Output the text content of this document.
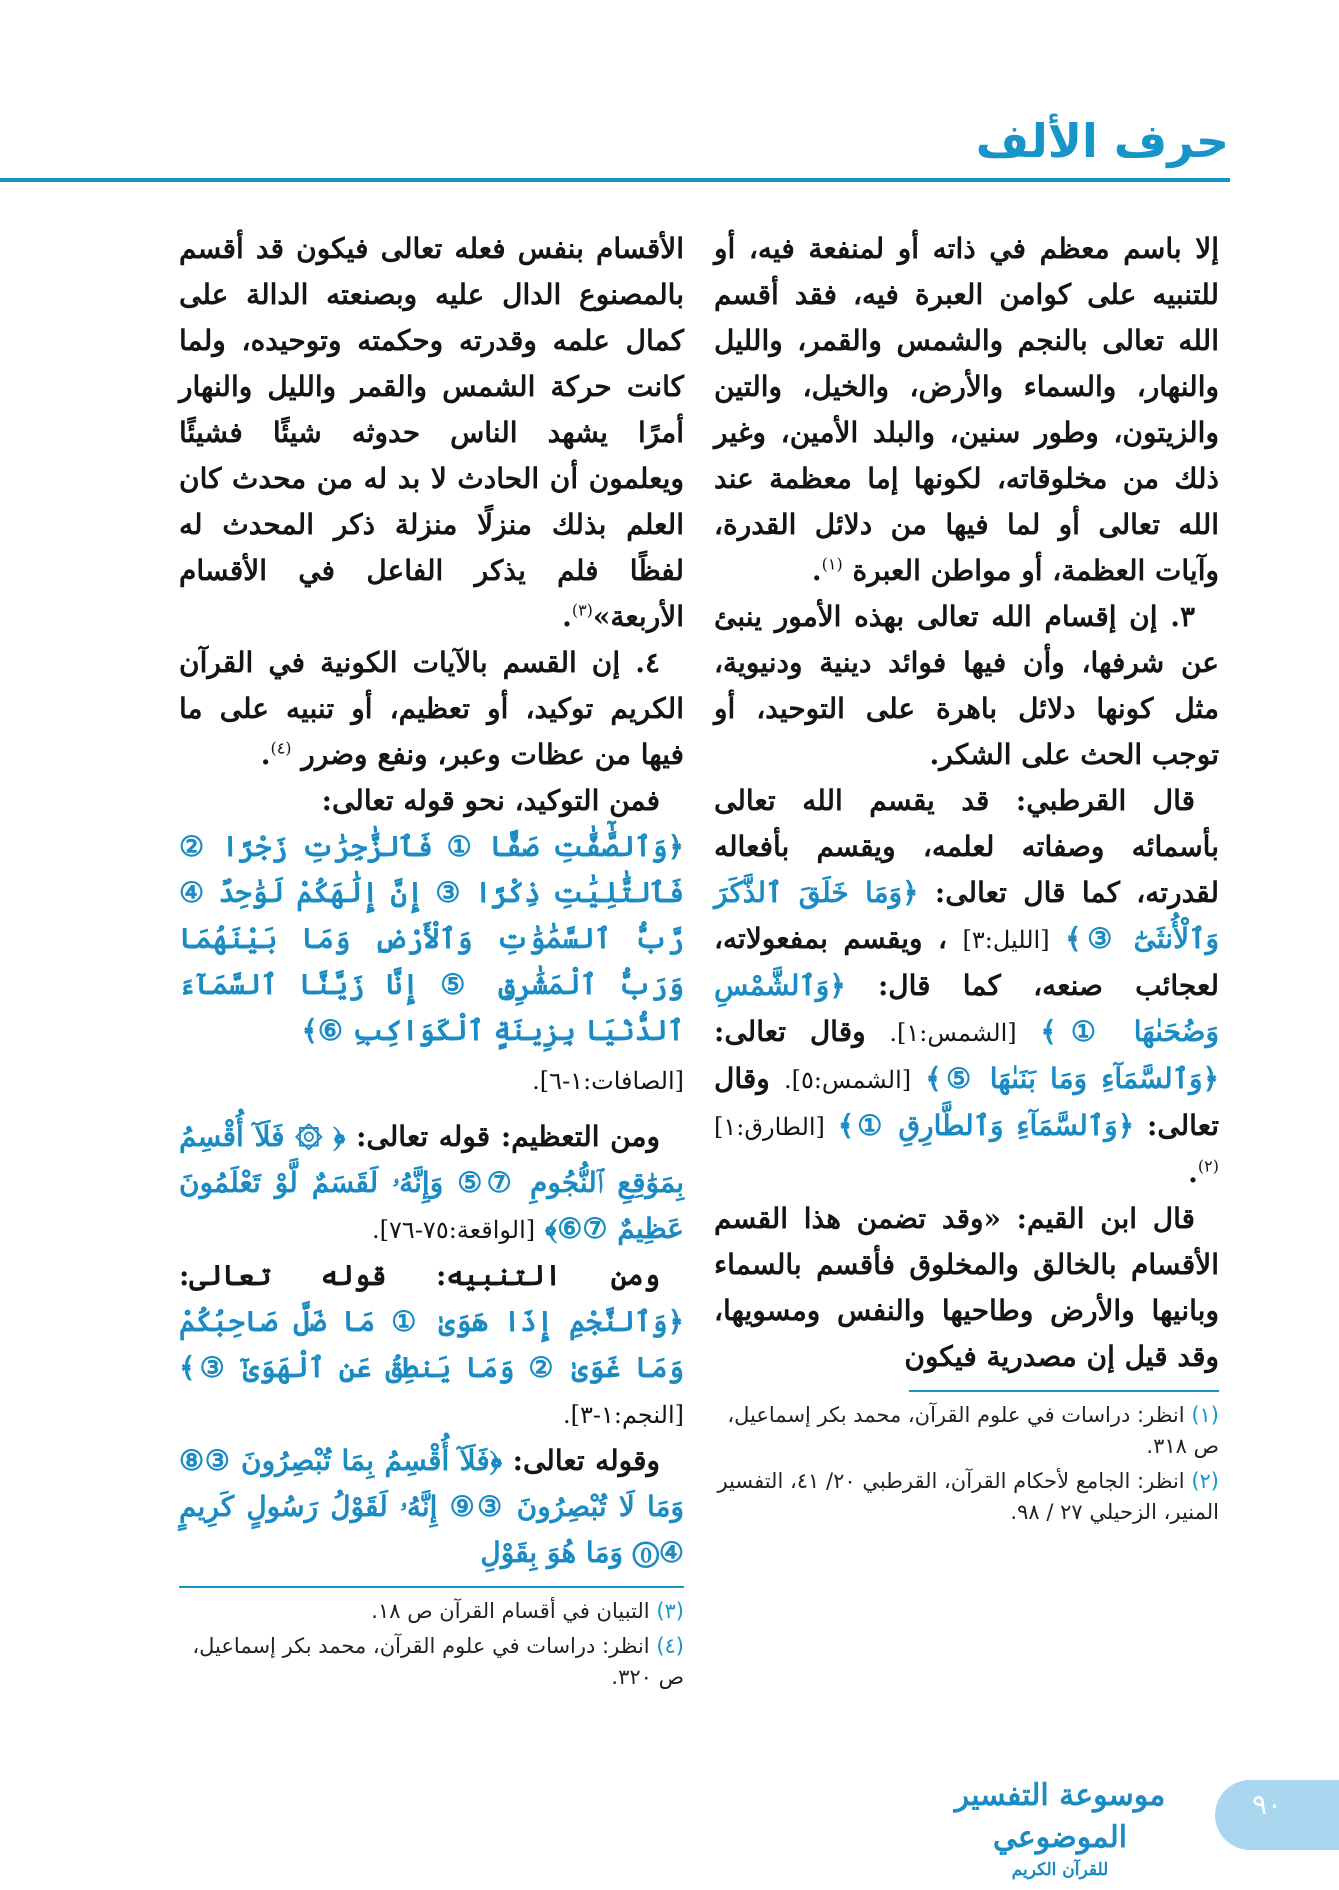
حرف الألف

إلا باسم معظم في ذاته أو لمنفعة فيه، أو للتنبيه على كوامن العبرة فيه، فقد أقسم الله تعالى بالنجم والشمس والقمر، والليل والنهار، والسماء والأرض، والخيل، والتين والزيتون، وطور سنين، والبلد الأمين، وغير ذلك من مخلوقاته، لكونها إما معظمة عند الله تعالى أو لما فيها من دلائل القدرة، وآيات العظمة، أو مواطن العبرة $^{(١)}$.

٣. إن إقسام الله تعالى بهذه الأمور ينبئ عن شرفها، وأن فيها فوائد دينية ودنيوية، مثل كونها دلائل باهرة على التوحيد، أو توجب الحث على الشكر.

قال القرطبي: قد يقسم الله تعالى بأسمائه وصفاته لعلمه، ويقسم بأفعاله لقدرته، كما قال تعالى: ﴿وَمَا خَلَقَ ٱلذَّكَرَ وَٱلْأُنثَىٰٓ ③﴾ [الليل:٣] ، ويقسم بمفعولاته، لعجائب صنعه، كما قال: ﴿وَٱلشَّمْسِ وَضُحَىٰهَا ①﴾ [الشمس:١]. وقال تعالى: ﴿وَٱلسَّمَآءِ وَمَا بَنَىٰهَا ⑤﴾ [الشمس:٥]. وقال تعالى: ﴿وَٱلسَّمَآءِ وَٱلطَّارِقِ ①﴾ [الطارق:١] $^{(٢)}$.

قال ابن القيم: «وقد تضمن هذا القسم الأقسام بالخالق والمخلوق فأقسم بالسماء وبانيها والأرض وطاحيها والنفس ومسويها، وقد قيل إن مصدرية فيكون

الأقسام بنفس فعله تعالى فيكون قد أقسم بالمصنوع الدال عليه وبصنعته الدالة على كمال علمه وقدرته وحكمته وتوحيده، ولما كانت حركة الشمس والقمر والليل والنهار أمرًا يشهد الناس حدوثه شيئًا فشيئًا ويعلمون أن الحادث لا بد له من محدث كان العلم بذلك منزلًا منزلة ذكر المحدث له لفظًا فلم يذكر الفاعل في الأقسام الأربعة»$^{(٣)}$.

٤. إن القسم بالآيات الكونية في القرآن الكريم توكيد، أو تعظيم، أو تنبيه على ما فيها من عظات وعبر، ونفع وضرر $^{(٤)}$.

فمن التوكيد، نحو قوله تعالى:

﴿وَٱلصَّٰٓفَّٰتِ صَفًّا ① فَٱلزَّٰجِرَٰتِ زَجْرًا ② فَٱلتَّٰلِيَٰتِ ذِكْرًا ③ إِنَّ إِلَٰهَكُمْ لَوَٰحِدٌ ④ رَّبُّ ٱلسَّمَٰوَٰتِ وَٱلْأَرْضِ وَمَا بَيْنَهُمَا وَرَبُّ ٱلْمَشَٰرِقِ ⑤ إِنَّا زَيَّنَّا ٱلسَّمَآءَ ٱلدُّنْيَا بِزِينَةٍ ٱلْكَوَاكِبِ ⑥﴾

[الصافات:١-٦].

ومن التعظيم: قوله تعالى: ﴿ ۞ فَلَآ أُقْسِمُ بِمَوَٰقِعِ ٱلنُّجُومِ ⑦⑤ وَإِنَّهُۥ لَقَسَمٌ لَّوْ تَعْلَمُونَ عَظِيمٌ ⑦⑥﴾ [الواقعة:٧٥-٧٦].

ومن التنبيه: قوله تعالى: ﴿وَٱلنَّجْمِ إِذَا هَوَىٰ ① مَا ضَلَّ صَاحِبُكُمْ وَمَا غَوَىٰ ② وَمَا يَنطِقُ عَنِ ٱلْهَوَىٰٓ ③﴾ [النجم:١-٣].

وقوله تعالى: ﴿فَلَآ أُقْسِمُ بِمَا تُبْصِرُونَ ③⑧ وَمَا لَا تُبْصِرُونَ ③⑨ إِنَّهُۥ لَقَوْلُ رَسُولٍ كَرِيمٍ ④⓪ وَمَا هُوَ بِقَوْلِ

(١) انظر: دراسات في علوم القرآن، محمد بكر إسماعيل، ص ٣١٨.

(٢) انظر: الجامع لأحكام القرآن، القرطبي ٢٠/ ٤١، التفسير المنير، الزحيلي ٢٧ / ٩٨.

(٣) التبيان في أقسام القرآن ص ١٨.

(٤) انظر: دراسات في علوم القرآن، محمد بكر إسماعيل، ص ٣٢٠.

٩٠
موسوعة التفسير الموضوعي
للقرآن الكريم
